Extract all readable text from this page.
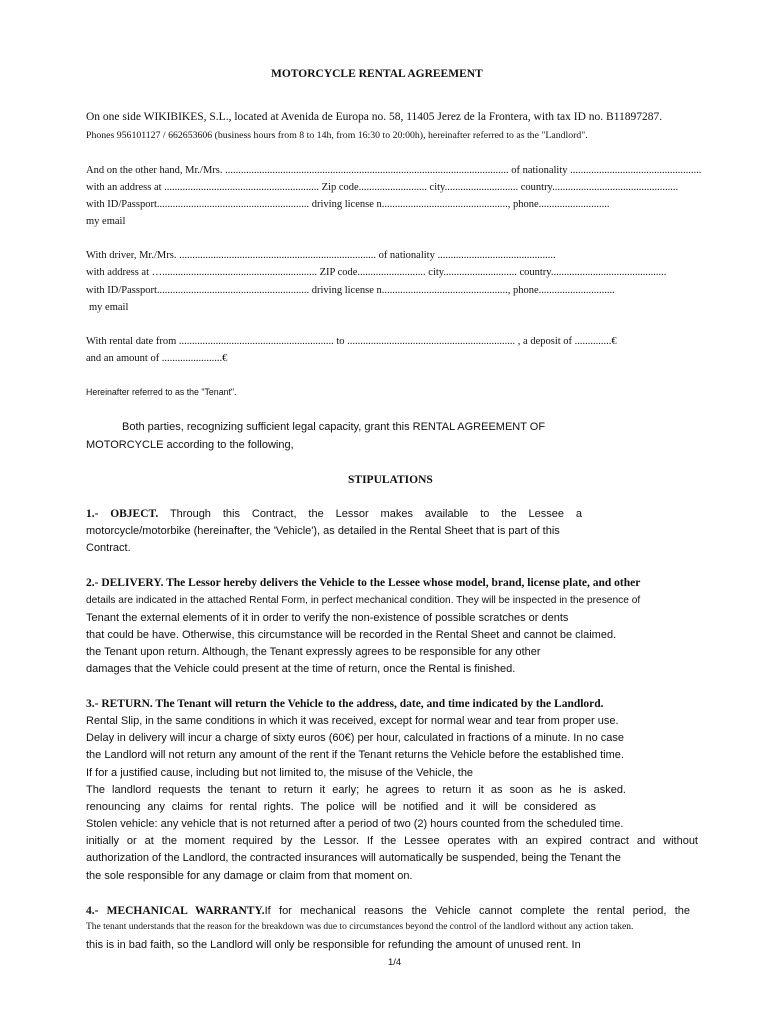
MOTORCYCLE RENTAL AGREEMENT

On one side WIKIBIKES, S.L., located at Avenida de Europa no. 58, 11405 Jerez de la Frontera, with tax ID no. B11897287.

Phones 956101127 / 662653606 (business hours from 8 to 14h, from 16:30 to 20:00h), hereinafter referred to as the "Landlord".

And on the other hand, Mr./Mrs. ............................................................................................................ of nationality ..................................................

with an address at ........................................................... Zip code.......................... city............................ country................................................

with ID/Passport.......................................................... driving license n................................................, phone...........................

my email

With driver, Mr./Mrs. ........................................................................... of nationality .............................................

with address at …........................................................... ZIP code.......................... city............................ country............................................

with ID/Passport.......................................................... driving license n................................................, phone.............................

my email

With rental date from ........................................................... to ................................................................ , a deposit of ..............€

and an amount of .......................€

Hereinafter referred to as the "Tenant".

Both parties, recognizing sufficient legal capacity, grant this RENTAL AGREEMENT OF

MOTORCYCLE according to the following,

STIPULATIONS

1.- OBJECT. Through this Contract, the Lessor makes available to the Lessee a

motorcycle/motorbike (hereinafter, the 'Vehicle'), as detailed in the Rental Sheet that is part of this

Contract.

2.- DELIVERY. The Lessor hereby delivers the Vehicle to the Lessee whose model, brand, license plate, and other

details are indicated in the attached Rental Form, in perfect mechanical condition. They will be inspected in the presence of

Tenant the external elements of it in order to verify the non-existence of possible scratches or dents

that could be have. Otherwise, this circumstance will be recorded in the Rental Sheet and cannot be claimed.

the Tenant upon return. Although, the Tenant expressly agrees to be responsible for any other

damages that the Vehicle could present at the time of return, once the Rental is finished.

3.- RETURN. The Tenant will return the Vehicle to the address, date, and time indicated by the Landlord.

Rental Slip, in the same conditions in which it was received, except for normal wear and tear from proper use.

Delay in delivery will incur a charge of sixty euros (60€) per hour, calculated in fractions of a minute. In no case

the Landlord will not return any amount of the rent if the Tenant returns the Vehicle before the established time.

If for a justified cause, including but not limited to, the misuse of the Vehicle, the

The landlord requests the tenant to return it early; he agrees to return it as soon as he is asked.

renouncing any claims for rental rights. The police will be notified and it will be considered as

Stolen vehicle: any vehicle that is not returned after a period of two (2) hours counted from the scheduled time.

initially or at the moment required by the Lessor. If the Lessee operates with an expired contract and without

authorization of the Landlord, the contracted insurances will automatically be suspended, being the Tenant the

the sole responsible for any damage or claim from that moment on.

4.- MECHANICAL WARRANTY.If for mechanical reasons the Vehicle cannot complete the rental period, the

The tenant understands that the reason for the breakdown was due to circumstances beyond the control of the landlord without any action taken.

this is in bad faith, so the Landlord will only be responsible for refunding the amount of unused rent. In

1/4
